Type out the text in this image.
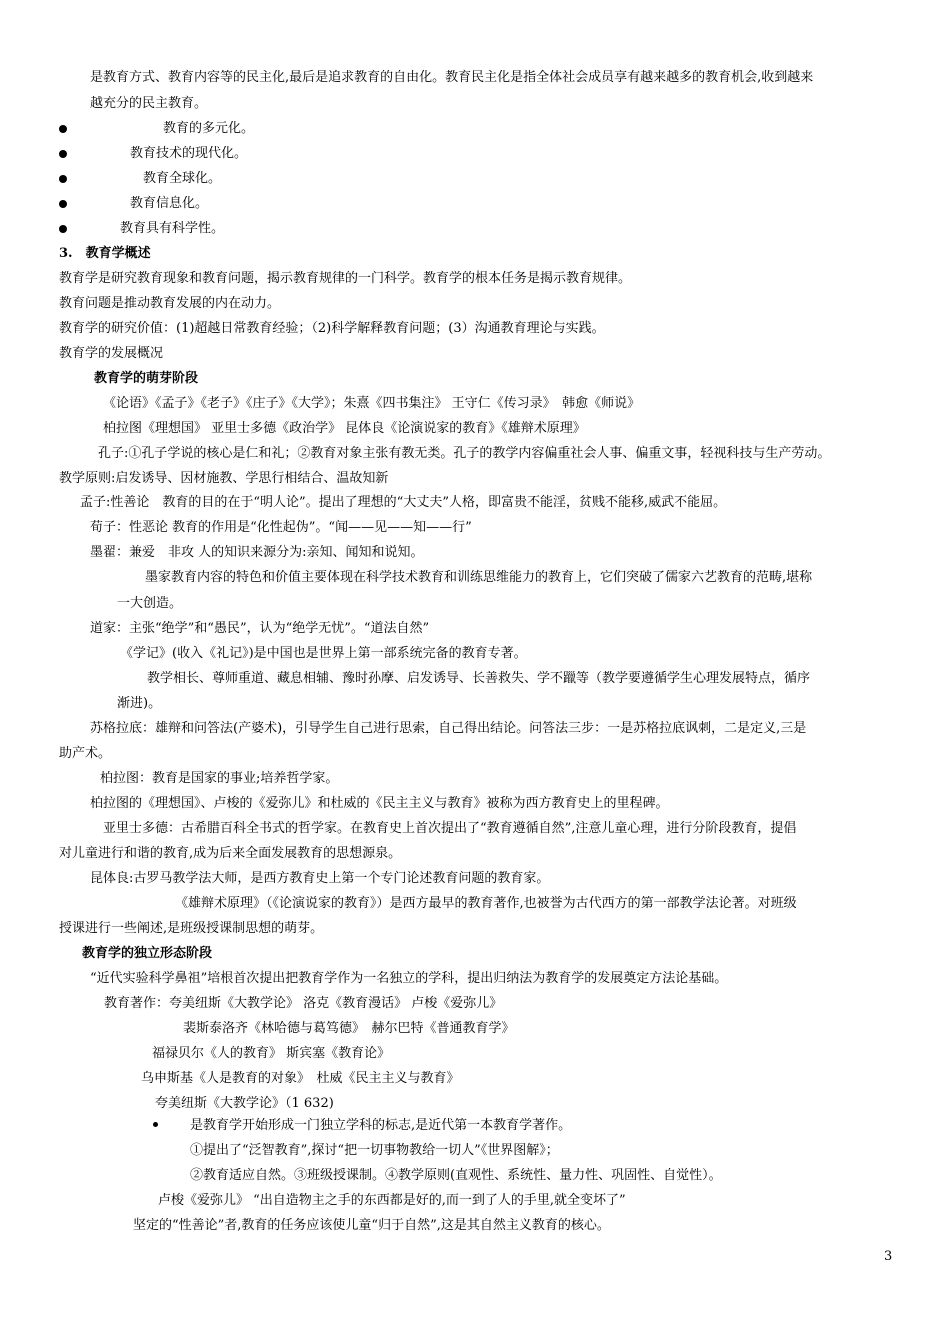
是教育方式、教育内容等的民主化,最后是追求教育的自由化。教育民主化是指全体社会成员享有越来越多的教育机会,收到越来
越充分的民主教育。
教育的多元化。
教育技术的现代化。
教育全球化。
教育信息化。
教育具有科学性。
3.　教育学概述
教育学是研究教育现象和教育问题，揭示教育规律的一门科学。教育学的根本任务是揭示教育规律。
教育问题是推动教育发展的内在动力。
教育学的研究价值：(1)超越日常教育经验；（2)科学解释教育问题；(3）沟通教育理论与实践。
教育学的发展概况
教育学的萌芽阶段
《论语》《孟子》《老子》《庄子》《大学》；朱熹《四书集注》 王守仁《传习录》　韩愈《师说》
柏拉图《理想国》 亚里士多德《政治学》 昆体良《论演说家的教育》《雄辩术原理》
孔子:①孔子学说的核心是仁和礼；②教育对象主张有教无类。孔子的教学内容偏重社会人事、偏重文事，轻视科技与生产劳动。
教学原则:启发诱导、因材施教、学思行相结合、温故知新
孟子:性善论　教育的目的在于“明人论”。提出了理想的“大丈夫”人格，即富贵不能淫，贫贱不能移,威武不能屈。
荀子：性恶论 教育的作用是“化性起伪”。“闻——见——知——行”
墨翟：兼爱　非攻 人的知识来源分为:亲知、闻知和说知。
墨家教育内容的特色和价值主要体现在科学技术教育和训练思维能力的教育上，它们突破了儒家六艺教育的范畴,堪称
一大创造。
道家：主张“绝学”和“愚民”，认为“绝学无忧”。“道法自然”
《学记》(收入《礼记》)是中国也是世界上第一部系统完备的教育专著。
教学相长、尊师重道、藏息相辅、豫时孙摩、启发诱导、长善救失、学不躐等（教学要遵循学生心理发展特点，循序
渐进)。
苏格拉底：雄辩和问答法(产婆术)，引导学生自己进行思索，自己得出结论。问答法三步：一是苏格拉底讽刺，二是定义,三是
助产术。
柏拉图：教育是国家的事业;培养哲学家。
柏拉图的《理想国》、卢梭的《爱弥儿》和杜威的《民主主义与教育》被称为西方教育史上的里程碑。
亚里士多德：古希腊百科全书式的哲学家。在教育史上首次提出了“教育遵循自然”,注意儿童心理，进行分阶段教育，提倡
对儿童进行和谐的教育,成为后来全面发展教育的思想源泉。
昆体良:古罗马教学法大师，是西方教育史上第一个专门论述教育问题的教育家。
《雄辩术原理》（《论演说家的教育》）是西方最早的教育著作,也被誉为古代西方的第一部教学法论著。对班级
授课进行一些阐述,是班级授课制思想的萌芽。
教育学的独立形态阶段
“近代实验科学鼻祖”培根首次提出把教育学作为一名独立的学科，提出归纳法为教育学的发展奠定方法论基础。
教育著作：夸美纽斯《大教学论》 洛克《教育漫话》 卢梭《爱弥儿》
裴斯泰洛齐《林哈德与葛笃德》　赫尔巴特《普通教育学》
福禄贝尔《人的教育》 斯宾塞《教育论》
乌申斯基《人是教育的对象》　杜威《民主主义与教育》
夸美纽斯《大教学论》（1 632)
是教育学开始形成一门独立学科的标志,是近代第一本教育学著作。
①提出了“泛智教育”,探讨“把一切事物教给一切人”《世界图解》；
②教育适应自然。③班级授课制。④教学原则(直观性、系统性、量力性、巩固性、自觉性）。
卢梭《爱弥儿》 “出自造物主之手的东西都是好的,而一到了人的手里,就全变坏了”
坚定的“性善论”者,教育的任务应该使儿童“归于自然”,这是其自然主义教育的核心。
3
